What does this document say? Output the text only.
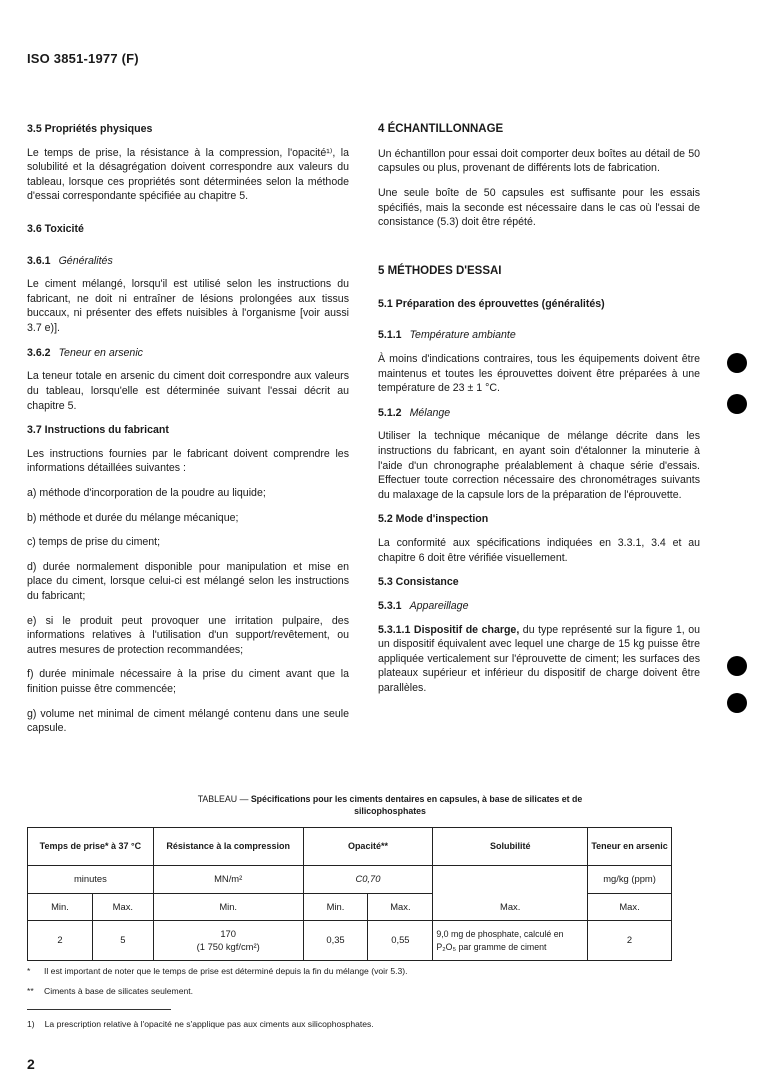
ISO 3851-1977 (F)
3.5 Propriétés physiques

Le temps de prise, la résistance à la compression, l'opacité¹⁾, la solubilité et la désagrégation doivent correspondre aux valeurs du tableau, lorsque ces propriétés sont déterminées selon la méthode d'essai correspondante spécifiée au chapitre 5.

3.6 Toxicité
3.6.1 Généralités

Le ciment mélangé, lorsqu'il est utilisé selon les instructions du fabricant, ne doit ni entraîner de lésions prolongées aux tissus buccaux, ni présenter des effets nuisibles à l'organisme [voir aussi 3.7 e)].

3.6.2 Teneur en arsenic

La teneur totale en arsenic du ciment doit correspondre aux valeurs du tableau, lorsqu'elle est déterminée suivant l'essai décrit au chapitre 5.

3.7 Instructions du fabricant

Les instructions fournies par le fabricant doivent comprendre les informations détaillées suivantes :

a) méthode d'incorporation de la poudre au liquide;

b) méthode et durée du mélange mécanique;

c) temps de prise du ciment;

d) durée normalement disponible pour manipulation et mise en place du ciment, lorsque celui-ci est mélangé selon les instructions du fabricant;

e) si le produit peut provoquer une irritation pulpaire, des informations relatives à l'utilisation d'un support/revêtement, ou autres mesures de protection recommandées;

f) durée minimale nécessaire à la prise du ciment avant que la finition puisse être commencée;

g) volume net minimal de ciment mélangé contenu dans une seule capsule.

4 ÉCHANTILLONNAGE

Un échantillon pour essai doit comporter deux boîtes au détail de 50 capsules ou plus, provenant de différents lots de fabrication.

Une seule boîte de 50 capsules est suffisante pour les essais spécifiés, mais la seconde est nécessaire dans le cas où l'essai de consistance (5.3) doit être répété.

5 MÉTHODES D'ESSAI
5.1 Préparation des éprouvettes (généralités)
5.1.1 Température ambiante

À moins d'indications contraires, tous les équipements doivent être maintenus et toutes les éprouvettes doivent être préparées à une température de 23 ± 1 °C.

5.1.2 Mélange

Utiliser la technique mécanique de mélange décrite dans les instructions du fabricant, en ayant soin d'étalonner la minuterie à l'aide d'un chronographe préalablement à chaque série d'essais. Effectuer toute correction nécessaire des chronométrages suivants du malaxage de la capsule lors de la préparation de l'éprouvette.

5.2 Mode d'inspection

La conformité aux spécifications indiquées en 3.3.1, 3.4 et au chapitre 6 doit être vérifiée visuellement.

5.3 Consistance
5.3.1 Appareillage

5.3.1.1 Dispositif de charge, du type représenté sur la figure 1, ou un dispositif équivalent avec lequel une charge de 15 kg puisse être appliquée verticalement sur l'éprouvette de ciment; les surfaces des plateaux supérieur et inférieur du dispositif de charge doivent être parallèles.

TABLEAU — Spécifications pour les ciments dentaires en capsules, à base de silicates et de silicophosphates
Temps de prise* à 37 °C		Résistance à la compression	Opacité**		Solubilité	Teneur en arsenic
minutes		MN/m²	C0,70		Max.	mg/kg (ppm)
Min.	Max.	Min.	Min.	Max.		Max.
2	5	170
(1 750 kgf/cm²)	0,35	0,55	9,0 mg de phosphate, calculé en P₂O₅ par gramme de ciment	2
* Il est important de noter que le temps de prise est déterminé depuis la fin du mélange (voir 5.3).
** Ciments à base de silicates seulement.
1) La prescription relative à l'opacité ne s'applique pas aux ciments aux silicophosphates.
2
